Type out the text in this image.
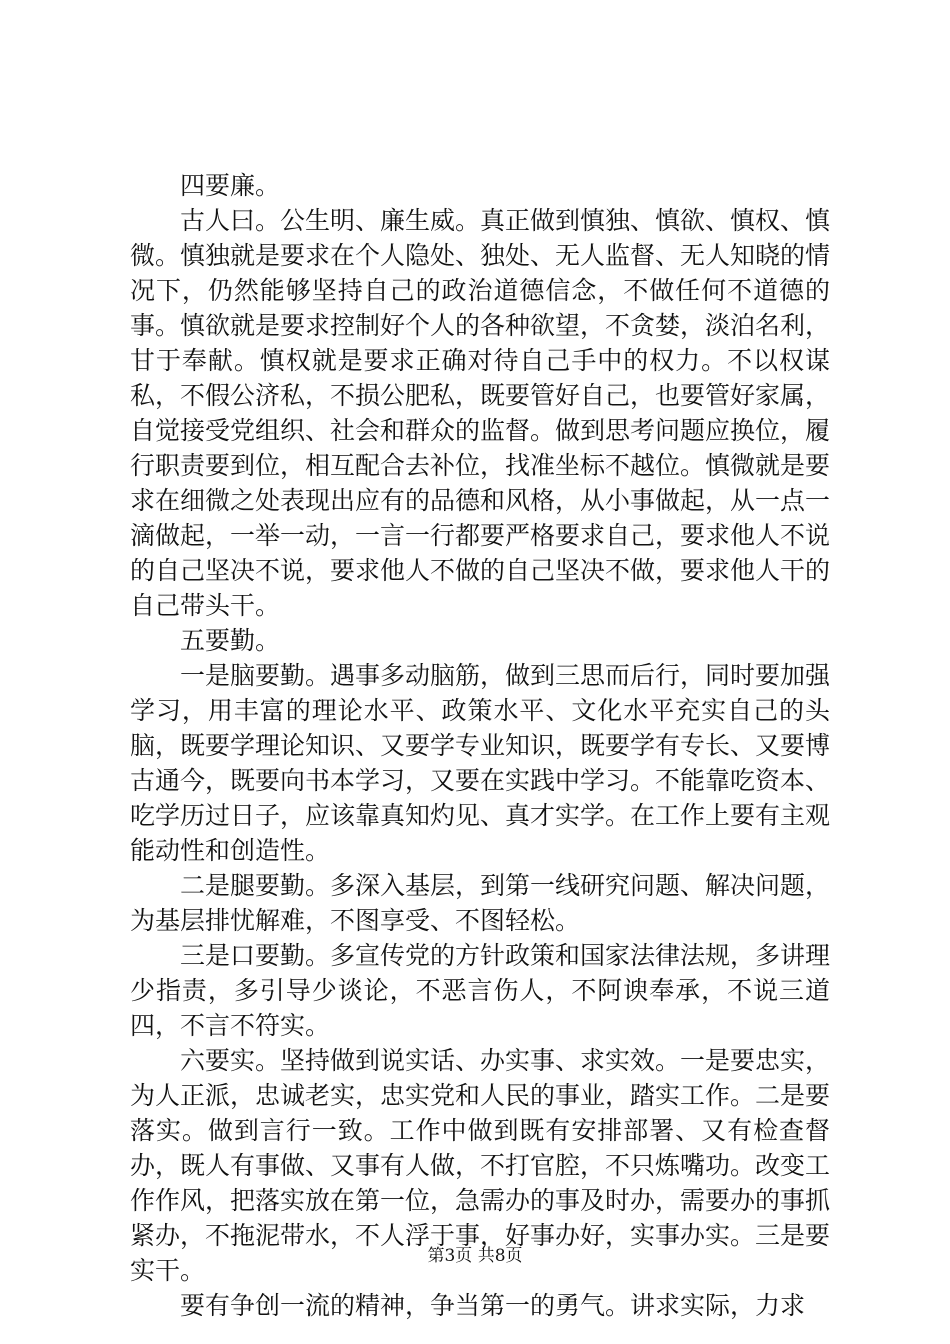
四要廉。

古人曰。公生明、廉生威。真正做到慎独、慎欲、慎权、慎微。慎独就是要求在个人隐处、独处、无人监督、无人知晓的情况下，仍然能够坚持自己的政治道德信念，不做任何不道德的事。慎欲就是要求控制好个人的各种欲望，不贪婪，淡泊名利，甘于奉献。慎权就是要求正确对待自己手中的权力。不以权谋私，不假公济私，不损公肥私，既要管好自己，也要管好家属，自觉接受党组织、社会和群众的监督。做到思考问题应换位，履行职责要到位，相互配合去补位，找准坐标不越位。慎微就是要求在细微之处表现出应有的品德和风格，从小事做起，从一点一滴做起，一举一动，一言一行都要严格要求自己，要求他人不说的自己坚决不说，要求他人不做的自己坚决不做，要求他人干的自己带头干。

五要勤。

一是脑要勤。遇事多动脑筋，做到三思而后行，同时要加强学习，用丰富的理论水平、政策水平、文化水平充实自己的头脑，既要学理论知识、又要学专业知识，既要学有专长、又要博古通今，既要向书本学习，又要在实践中学习。不能靠吃资本、吃学历过日子，应该靠真知灼见、真才实学。在工作上要有主观能动性和创造性。

二是腿要勤。多深入基层，到第一线研究问题、解决问题，为基层排忧解难，不图享受、不图轻松。

三是口要勤。多宣传党的方针政策和国家法律法规，多讲理少指责，多引导少谈论，不恶言伤人，不阿谀奉承，不说三道四，不言不符实。

六要实。坚持做到说实话、办实事、求实效。一是要忠实，为人正派，忠诚老实，忠实党和人民的事业，踏实工作。二是要落实。做到言行一致。工作中做到既有安排部署、又有检查督办，既人有事做、又事有人做，不打官腔，不只炼嘴功。改变工作作风，把落实放在第一位，急需办的事及时办，需要办的事抓紧办，不拖泥带水，不人浮于事，好事办好，实事办实。三是要实干。

要有争创一流的精神，争当第一的勇气。讲求实际，力求

第3页 共8页
